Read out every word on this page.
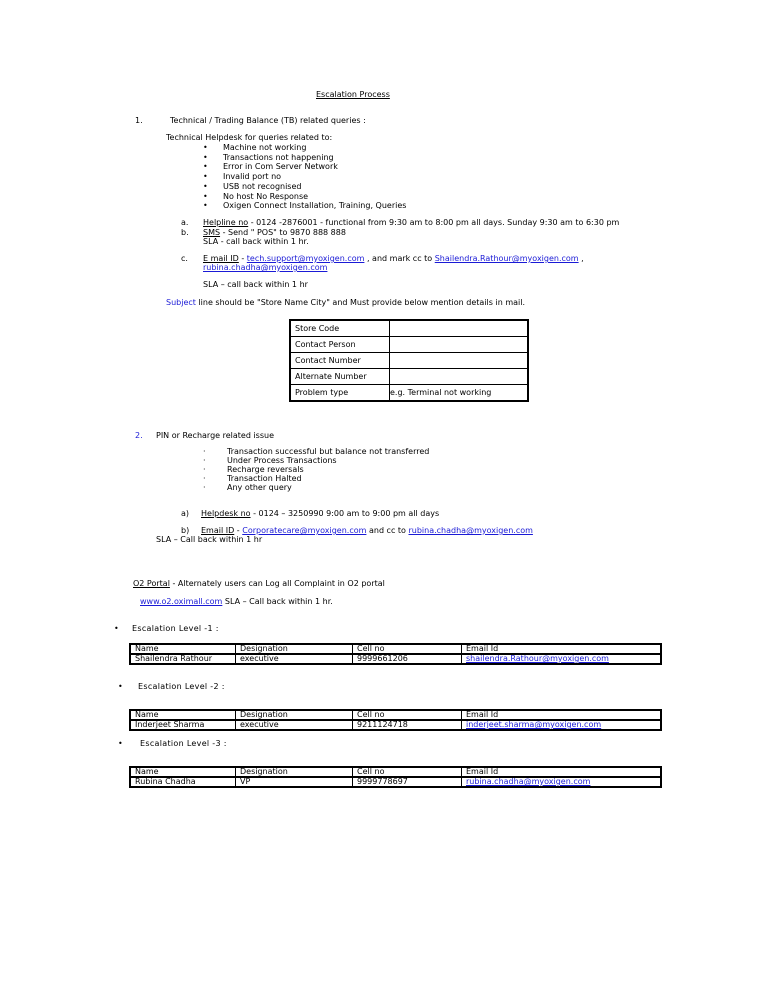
Escalation Process
1.	Technical / Trading Balance (TB) related queries :
Technical Helpdesk for queries related to:
• Machine not working
• Transactions not happening
• Error in Com Server Network
• Invalid port no
• USB not recognised
• No host No Response
• Oxigen Connect Installation, Training, Queries
a. Helpline no - 0124 -2876001 - functional from 9:30 am to 8:00 pm all days. Sunday 9:30 am to 6:30 pm
b. SMS - Send " POS" to 9870 888 888
SLA - call back within 1 hr.
c. E mail ID - tech.support@myoxigen.com , and mark cc to Shailendra.Rathour@myoxigen.com ,
rubina.chadha@myoxigen.com
SLA – call back within 1 hr
Subject line should be "Store Name City" and Must provide below mention details in mail.
Store Code	
Contact Person	
Contact Number	
Alternate Number	
Problem type	e.g. Terminal not working
2. PIN or Recharge related issue
·	Transaction successful but balance not transferred
·	Under Process Transactions
·	Recharge reversals
·	Transaction Halted
·	Any other query
a) Helpdesk no - 0124 – 3250990 9:00 am to 9:00 pm all days
b) Email ID - Corporatecare@myoxigen.com and cc to rubina.chadha@myoxigen.com
SLA – Call back within 1 hr
O2 Portal - Alternately users can Log all Complaint in O2 portal
www.o2.oximall.com SLA – Call back within 1 hr.
• Escalation Level -1 :
Name	Designation	Cell no	Email Id
Shailendra Rathour	executive	9999661206	shailendra.Rathour@myoxigen.com
• Escalation Level -2 :
Name	Designation	Cell no	Email Id
Inderjeet Sharma	executive	9211124718	inderjeet.sharma@myoxigen.com
• Escalation Level -3 :
Name	Designation	Cell no	Email Id
Rubina Chadha	VP	9999778697	rubina.chadha@myoxigen.com
